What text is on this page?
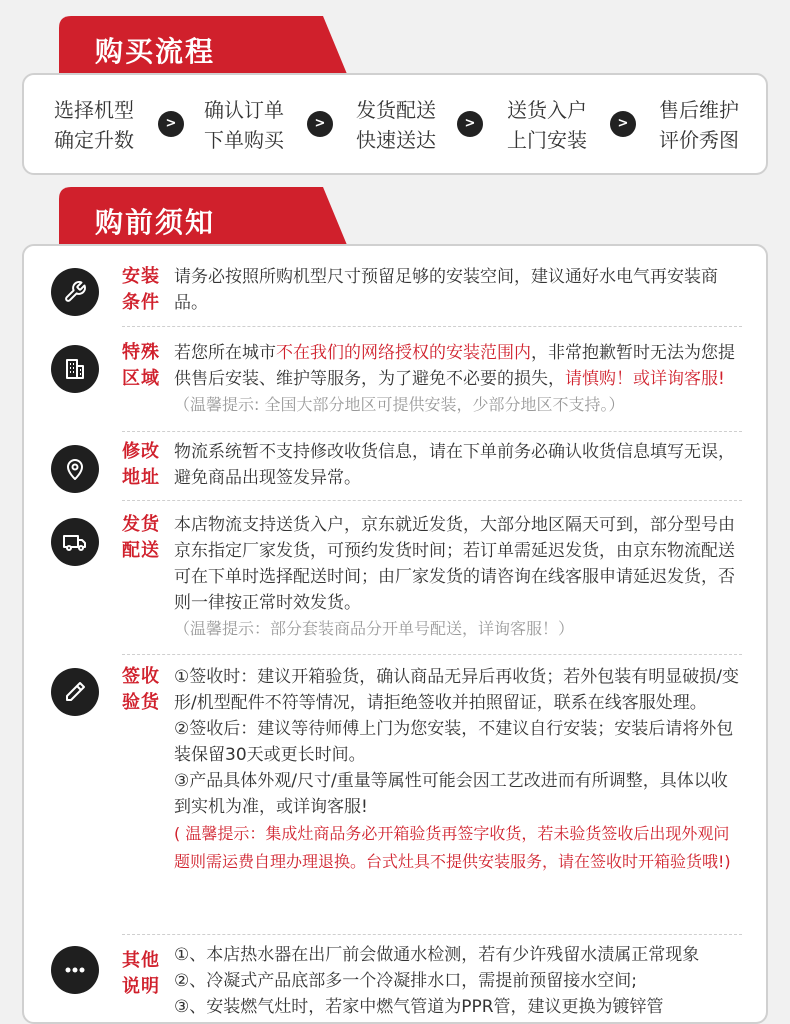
购买流程
选择机型
确定升数
>
确认订单
下单购买
>
发货配送
快速送达
>
送货入户
上门安装
>
售后维护
评价秀图
购前须知
安装
条件
请务必按照所购机型尺寸预留足够的安装空间，建议通好水电气再安装商品。
特殊
区域
若您所在城市不在我们的网络授权的安装范围内，非常抱歉暂时无法为您提供售后安装、维护等服务，为了避免不必要的损失，请慎购！或详询客服!（温馨提示: 全国大部分地区可提供安装，少部分地区不支持。）
修改
地址
物流系统暂不支持修改收货信息，请在下单前务必确认收货信息填写无误，避免商品出现签发异常。
发货
配送

本店物流支持送货入户，京东就近发货，大部分地区隔天可到，部分型号由京东指定厂家发货，可预约发货时间；若订单需延迟发货，由京东物流配送可在下单时选择配送时间；由厂家发货的请咨询在线客服申请延迟发货，否则一律按正常时效发货。

（温馨提示：部分套装商品分开单号配送，详询客服！）

签收
验货

①签收时：建议开箱验货，确认商品无异后再收货；若外包装有明显破损/变形/机型配件不符等情况，请拒绝签收并拍照留证，联系在线客服处理。

②签收后：建议等待师傅上门为您安装，不建议自行安装；安装后请将外包装保留30天或更长时间。

③产品具体外观/尺寸/重量等属性可能会因工艺改进而有所调整，具体以收到实机为准，或详询客服!

( 温馨提示：集成灶商品务必开箱验货再签字收货，若未验货签收后出现外观问题则需运费自理办理退换。台式灶具不提供安装服务，请在签收时开箱验货哦!)

其他
说明

①、本店热水器在出厂前会做通水检测，若有少许残留水渍属正常现象

②、冷凝式产品底部多一个冷凝排水口，需提前预留接水空间;

③、安装燃气灶时，若家中燃气管道为PPR管，建议更换为镀锌管
